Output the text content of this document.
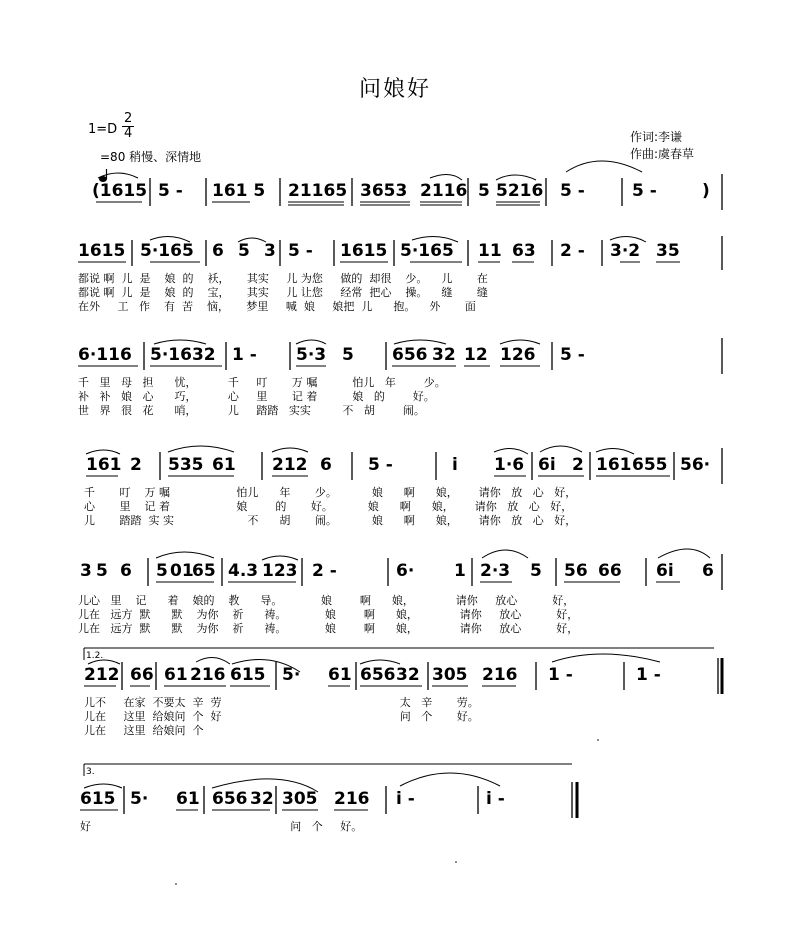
问娘好
1=D
2
4

=80 稍慢、深情地
作词:李谦
作曲:虞春草
(1615 5 - 161 5 21165 3653 2116 5 5216 5 -	5 -	)
1615 5·165 6 5 3 5 - 1615 5·165 11 63 2 - 3·2 35
6·116 5·1632 1 - 5·3 5 656 32 12 126 5 -
161 2 535 61 212 6 5 -	i 1·6 6i 2 161 655 56·
3 5 6 5 01
65 4.3 123 2 -	6· 1 2·3 5 56 66 6i 6
212 66 61 216 615 5· 61 656 32 305 216 1 -	1 -
615 5· 61 656 32 305 216 i -	i -
都说 啊  儿  是    娘  的    袄，     其实     儿 为您     做的  却很    少。    儿       在
都说 啊  儿  是    娘  的    宝，     其实     儿 让您     经常  把心    操。    缝       缝
在外     工   作    有  苦    恼，     梦里     喊  娘     娘把  儿      抱。    外       面
千   里   母   担      忧，         千     叮       万 嘱          怕儿   年        少。
补   补   娘   心      巧，         心     里       记 着          娘   的        好。
世   界   很   花      哨，         儿     踏踏   实实         不   胡        闹。
千       叮    万 嘱                   怕儿      年       少。          娘      啊      娘，      请你   放   心   好，
心       里    记 着                   娘        的       好。          娘      啊      娘，      请你   放   心   好，
儿       踏踏  实 实                     不      胡       闹。          娘      啊      娘，      请你   放   心   好，
儿心   里    记      着    娘的    教      导。           娘        啊      娘，            请你     放心          好，
儿在   远方  默      默    为你    祈      祷。           娘        啊      娘，            请你     放心          好，
儿在   远方  默      默    为你    祈      祷。           娘        啊      娘，            请你     放心          好，
儿不     在家  不要太  辛  劳                                                   太   辛       劳。
儿在     这里  给娘问  个  好                                                   问   个       好。
儿在     这里  给娘问  个
好                                                         问   个     好。
1.2.
3.
